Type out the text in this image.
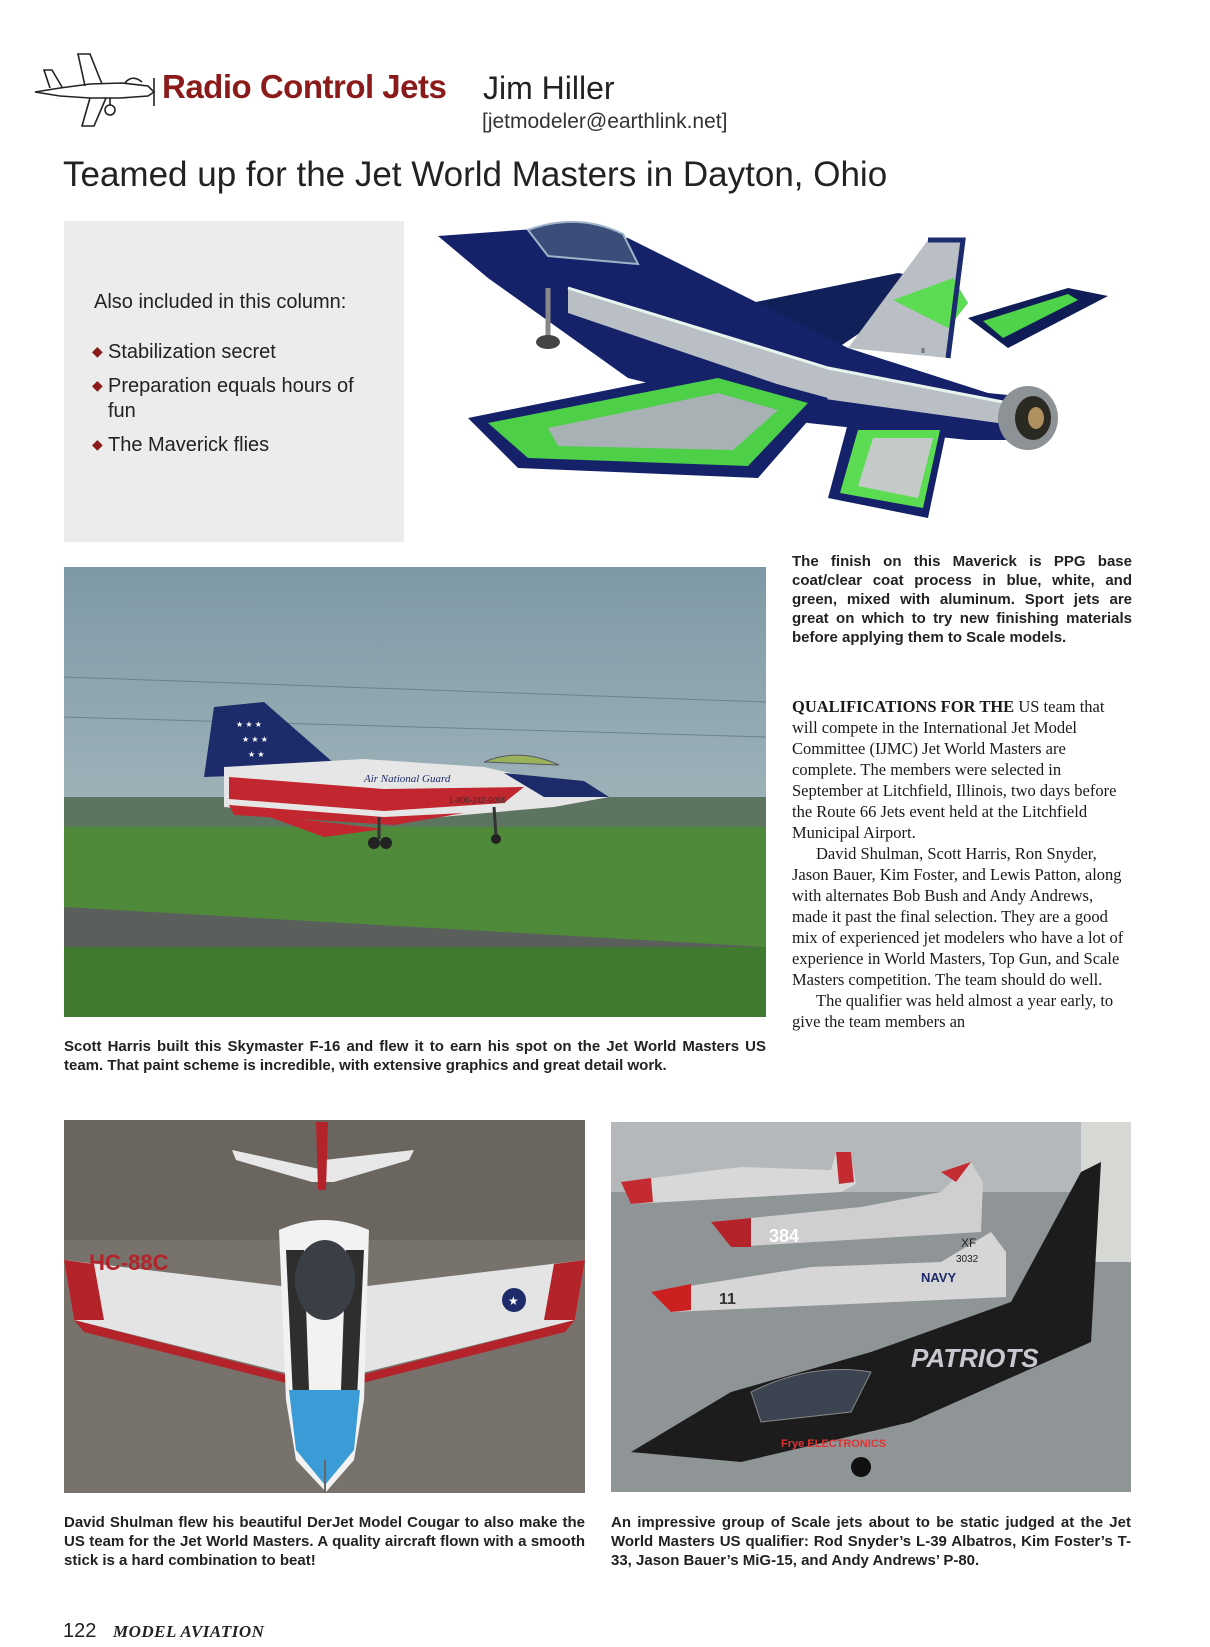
Radio Control Jets Jim Hiller
[jetmodeler@earthlink.net]
Teamed up for the Jet World Masters in Dayton, Ohio
Also included in this column:
◆ Stabilization secret
◆ Preparation equals hours of fun
◆ The Maverick flies
The finish on this Maverick is PPG base coat/clear coat process in blue, white, and green, mixed with aluminum. Sport jets are great on which to try new finishing materials before applying them to Scale models.
★ ★ ★
★ ★ ★
★ ★
Air National Guard
1-800-242-9055
Scott Harris built this Skymaster F-16 and flew it to earn his spot on the Jet World Masters US team. That paint scheme is incredible, with extensive graphics and great detail work.

QUALIFICATIONS FOR THE US team that will compete in the International Jet Model Committee (IJMC) Jet World Masters are complete. The members were selected in September at Litchfield, Illinois, two days before the Route 66 Jets event held at the Litchfield Municipal Airport.

David Shulman, Scott Harris, Ron Snyder, Jason Bauer, Kim Foster, and Lewis Patton, along with alternates Bob Bush and Andy Andrews, made it past the final selection. They are a good mix of experienced jet modelers who have a lot of experience in World Masters, Top Gun, and Scale Masters competition. The team should do well.

The qualifier was held almost a year early, to give the team members an

HC-88C
★
David Shulman flew his beautiful DerJet Model Cougar to also make the US team for the Jet World Masters. A quality aircraft flown with a smooth stick is a hard combination to beat!
384
NAVY
XF
3032
11
PATRIOTS
Frye ELECTRONICS
An impressive group of Scale jets about to be static judged at the Jet World Masters US qualifier: Rod Snyder’s L-39 Albatros, Kim Foster’s T-33, Jason Bauer’s MiG-15, and Andy Andrews’ P-80.
122 MODEL AVIATION
